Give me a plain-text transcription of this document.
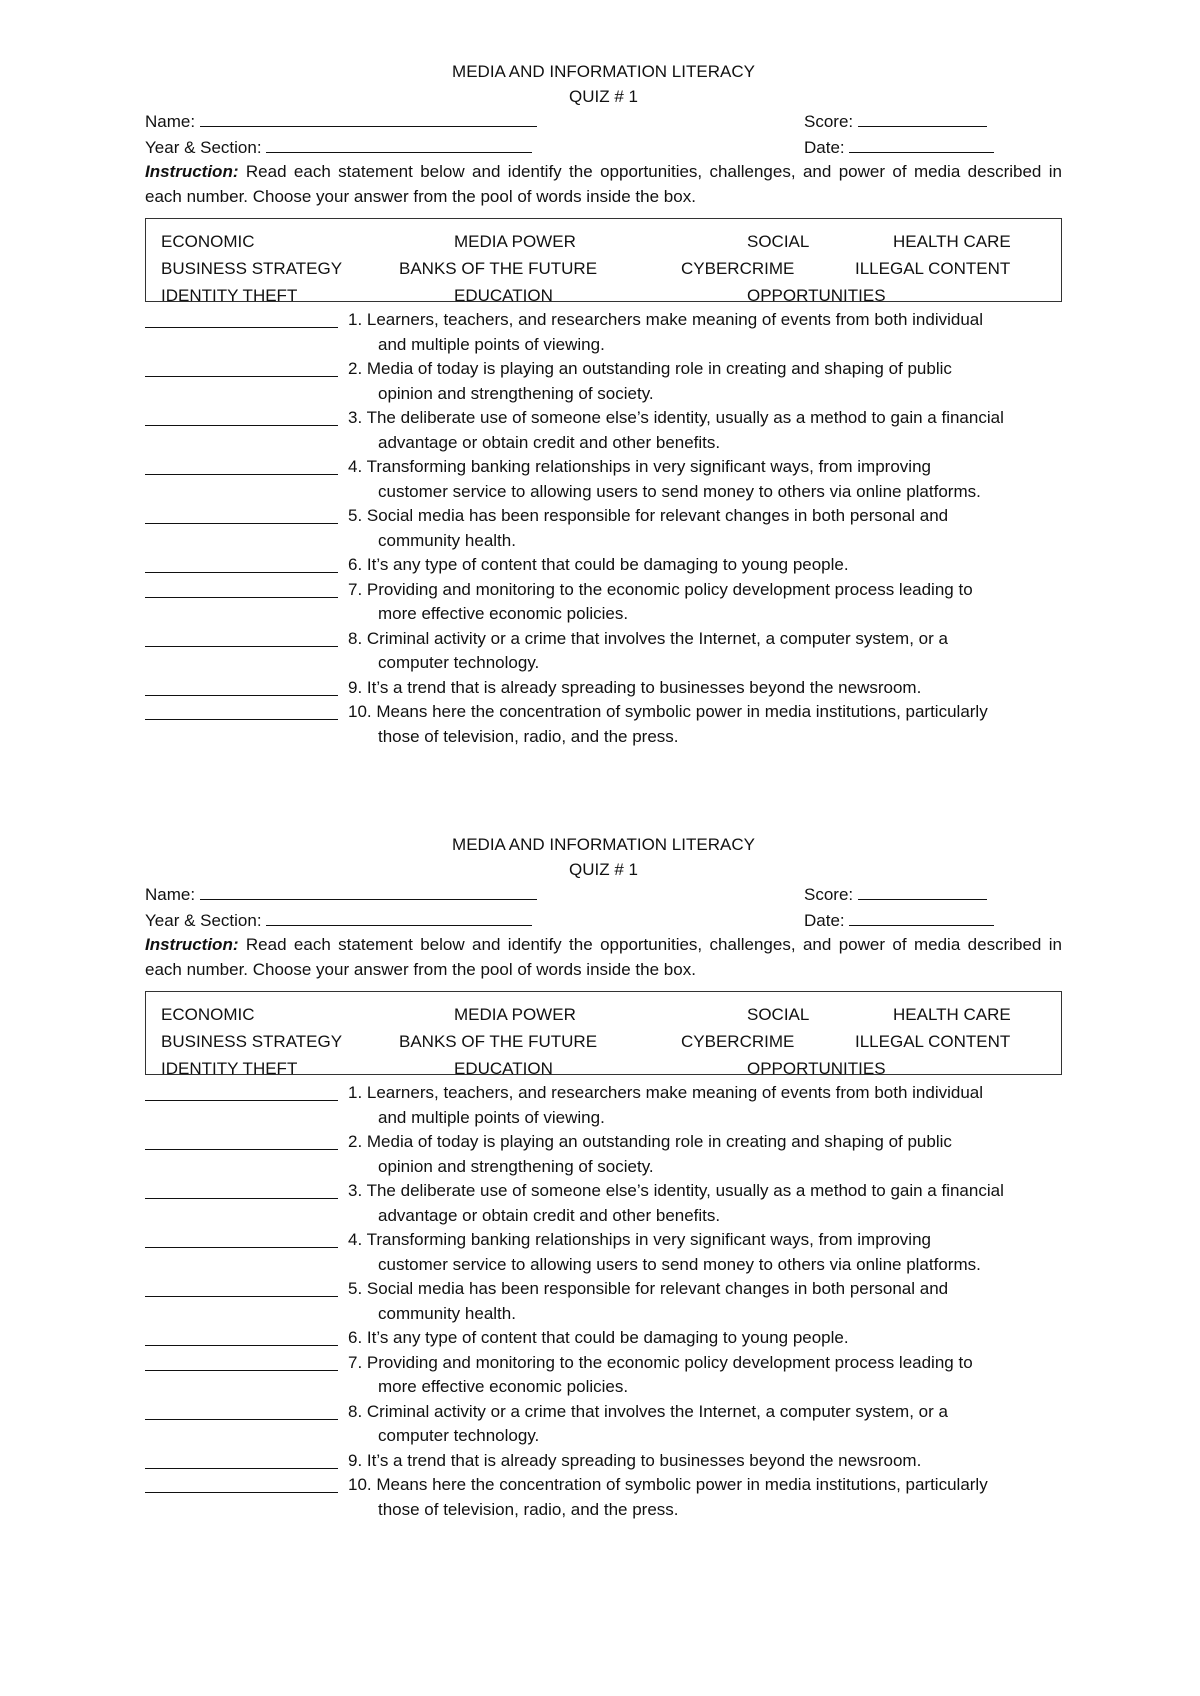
MEDIA AND INFORMATION LITERACY
QUIZ # 1
Name:	Score:
Year & Section:	Date:
Instruction: Read each statement below and identify the opportunities, challenges, and power of media described in each number. Choose your answer from the pool of words inside the box.
ECONOMIC	MEDIA POWER	SOCIAL	HEALTH CARE
BUSINESS STRATEGY	BANKS OF THE FUTURE	CYBERCRIME	ILLEGAL CONTENT
IDENTITY THEFT	EDUCATION	OPPORTUNITIES
1. Learners, teachers, and researchers make meaning of events from both individual
and multiple points of viewing.
2. Media of today is playing an outstanding role in creating and shaping of public
opinion and strengthening of society.
3. The deliberate use of someone else’s identity, usually as a method to gain a financial
advantage or obtain credit and other benefits.
4. Transforming banking relationships in very significant ways, from improving
customer service to allowing users to send money to others via online platforms.
5. Social media has been responsible for relevant changes in both personal and
community health.
6. It’s any type of content that could be damaging to young people.
7. Providing and monitoring to the economic policy development process leading to
more effective economic policies.
8. Criminal activity or a crime that involves the Internet, a computer system, or a
computer technology.
9. It’s a trend that is already spreading to businesses beyond the newsroom.
10. Means here the concentration of symbolic power in media institutions, particularly
those of television, radio, and the press.
MEDIA AND INFORMATION LITERACY
QUIZ # 1
Name:	Score:
Year & Section:	Date:
Instruction: Read each statement below and identify the opportunities, challenges, and power of media described in each number. Choose your answer from the pool of words inside the box.
ECONOMIC	MEDIA POWER	SOCIAL	HEALTH CARE
BUSINESS STRATEGY	BANKS OF THE FUTURE	CYBERCRIME	ILLEGAL CONTENT
IDENTITY THEFT	EDUCATION	OPPORTUNITIES
1. Learners, teachers, and researchers make meaning of events from both individual
and multiple points of viewing.
2. Media of today is playing an outstanding role in creating and shaping of public
opinion and strengthening of society.
3. The deliberate use of someone else’s identity, usually as a method to gain a financial
advantage or obtain credit and other benefits.
4. Transforming banking relationships in very significant ways, from improving
customer service to allowing users to send money to others via online platforms.
5. Social media has been responsible for relevant changes in both personal and
community health.
6. It’s any type of content that could be damaging to young people.
7. Providing and monitoring to the economic policy development process leading to
more effective economic policies.
8. Criminal activity or a crime that involves the Internet, a computer system, or a
computer technology.
9. It’s a trend that is already spreading to businesses beyond the newsroom.
10. Means here the concentration of symbolic power in media institutions, particularly
those of television, radio, and the press.
